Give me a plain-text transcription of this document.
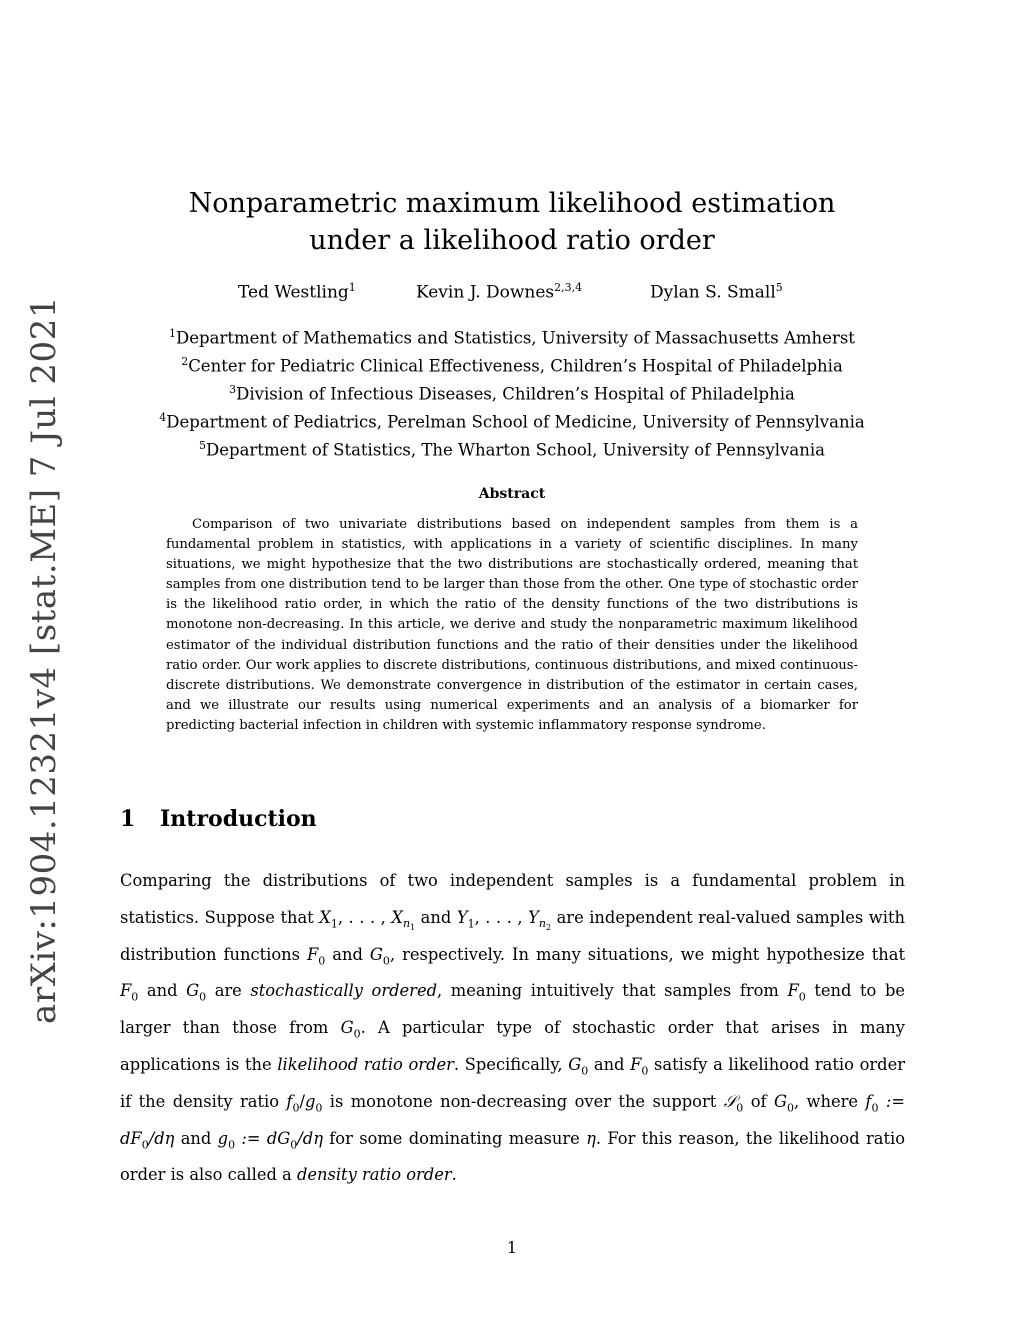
arXiv:1904.12321v4 [stat.ME] 7 Jul 2021
Nonparametric maximum likelihood estimation
under a likelihood ratio order
Ted Westling$^1$	Kevin J. Downes$^{2,3,4}$	Dylan S. Small$^5$
$^1$Department of Mathematics and Statistics, University of Massachusetts Amherst
$^2$Center for Pediatric Clinical Effectiveness, Children’s Hospital of Philadelphia
$^3$Division of Infectious Diseases, Children’s Hospital of Philadelphia
$^4$Department of Pediatrics, Perelman School of Medicine, University of Pennsylvania
$^5$Department of Statistics, The Wharton School, University of Pennsylvania
Abstract
Comparison of two univariate distributions based on independent samples from them is a fundamental problem in statistics, with applications in a variety of scientific disciplines. In many situations, we might hypothesize that the two distributions are stochastically ordered, meaning that samples from one distribution tend to be larger than those from the other. One type of stochastic order is the likelihood ratio order, in which the ratio of the density functions of the two distributions is monotone non-decreasing. In this article, we derive and study the nonparametric maximum likelihood estimator of the individual distribution functions and the ratio of their densities under the likelihood ratio order. Our work applies to discrete distributions, continuous distributions, and mixed continuous-discrete distributions. We demonstrate convergence in distribution of the estimator in certain cases, and we illustrate our results using numerical experiments and an analysis of a biomarker for predicting bacterial infection in children with systemic inflammatory response syndrome.
1 Introduction
Comparing the distributions of two independent samples is a fundamental problem in statistics. Suppose that $X_1$, . . . , $X_{n_1}$ and $Y_1$, . . . , $Y_{n_2}$ are independent real-valued samples with distribution functions $F_0$ and $G_0$, respectively. In many situations, we might hypothesize that $F_0$ and $G_0$ are stochastically ordered, meaning intuitively that samples from $F_0$ tend to be larger than those from $G_0$. A particular type of stochastic order that arises in many applications is the likelihood ratio order. Specifically, $G_0$ and $F_0$ satisfy a likelihood ratio order if the density ratio $f_0/g_0$ is monotone non-decreasing over the support 𝒮$_0$ of $G_0$, where $f_0$ := $dF_0/d\eta$ and $g_0$ := $dG_0/d\eta$ for some dominating measure η. For this reason, the likelihood ratio order is also called a density ratio order.
1
